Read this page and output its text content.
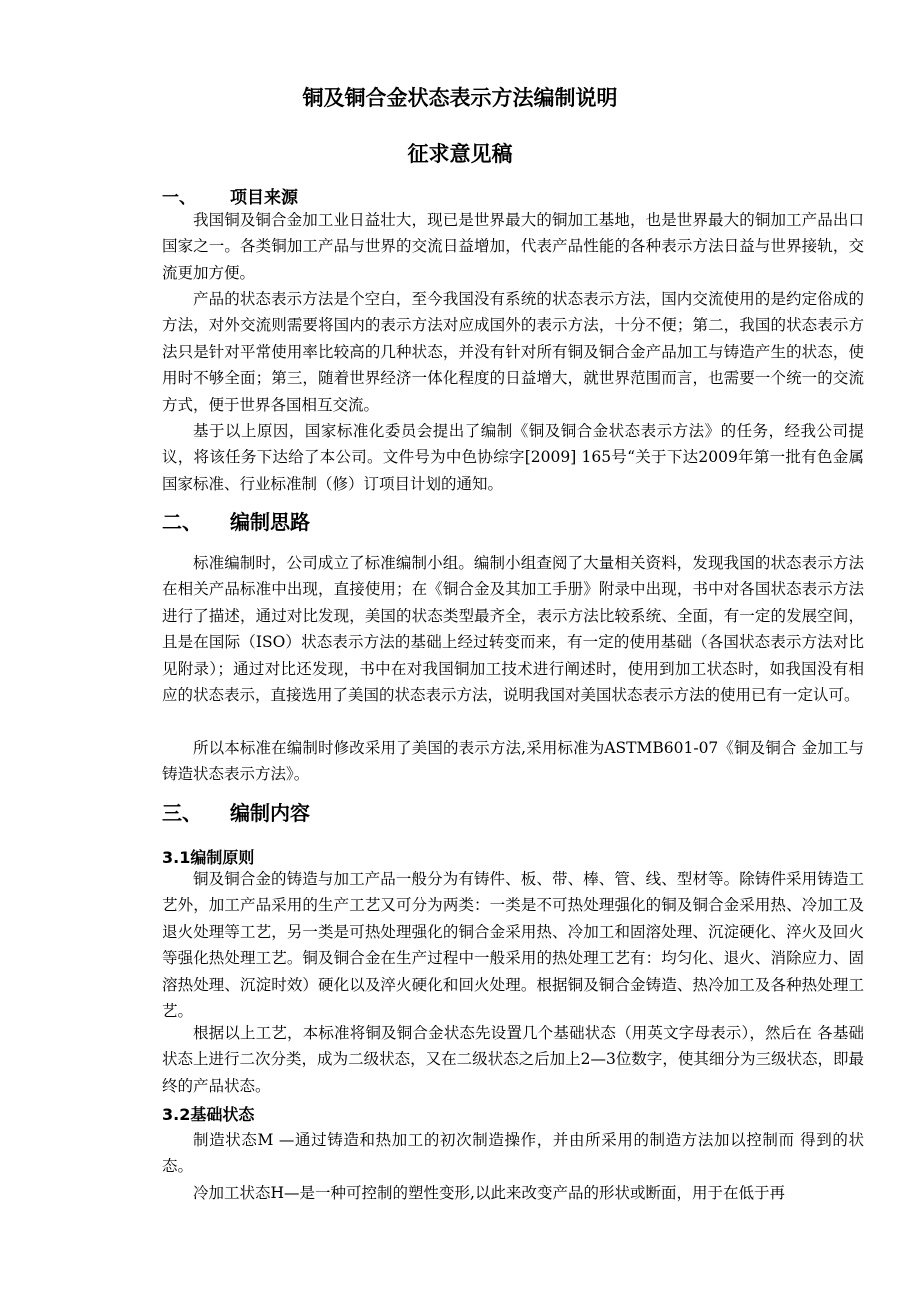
铜及铜合金状态表示方法编制说明
征求意见稿
一、 项目来源

我国铜及铜合金加工业日益壮大，现已是世界最大的铜加工基地，也是世界最大的铜加工产品出口国家之一。各类铜加工产品与世界的交流日益增加，代表产品性能的各种表示方法日益与世界接轨，交流更加方便。

产品的状态表示方法是个空白，至今我国没有系统的状态表示方法，国内交流使用的是约定俗成的方法，对外交流则需要将国内的表示方法对应成国外的表示方法，十分不便；第二，我国的状态表示方法只是针对平常使用率比较高的几种状态，并没有针对所有铜及铜合金产品加工与铸造产生的状态，使用时不够全面；第三，随着世界经济一体化程度的日益增大，就世界范围而言，也需要一个统一的交流方式，便于世界各国相互交流。

基于以上原因，国家标准化委员会提出了编制《铜及铜合金状态表示方法》的任务，经我公司提议，将该任务下达给了本公司。文件号为中色协综字[2009] 165号“关于下达2009年第一批有色金属国家标准、行业标准制（修）订项目计划的通知。

二、 编制思路

标准编制时，公司成立了标准编制小组。编制小组查阅了大量相关资料，发现我国的状态表示方法在相关产品标准中出现，直接使用；在《铜合金及其加工手册》附录中出现，书中对各国状态表示方法进行了描述，通过对比发现，美国的状态类型最齐全，表示方法比较系统、全面，有一定的发展空间，且是在国际（ISO）状态表示方法的基础上经过转变而来，有一定的使用基础（各国状态表示方法对比见附录）；通过对比还发现，书中在对我国铜加工技术进行阐述时，使用到加工状态时，如我国没有相应的状态表示，直接选用了美国的状态表示方法，说明我国对美国状态表示方法的使用已有一定认可。

所以本标准在编制时修改采用了美国的表示方法,采用标准为ASTMB601-07《铜及铜合 金加工与铸造状态表示方法》。

三、 编制内容
3.1编制原则

铜及铜合金的铸造与加工产品一般分为有铸件、板、带、棒、管、线、型材等。除铸件采用铸造工艺外，加工产品采用的生产工艺又可分为两类：一类是不可热处理强化的铜及铜合金采用热、冷加工及退火处理等工艺，另一类是可热处理强化的铜合金采用热、冷加工和固溶处理、沉淀硬化、淬火及回火等强化热处理工艺。铜及铜合金在生产过程中一般采用的热处理工艺有：均匀化、退火、消除应力、固溶热处理、沉淀时效）硬化以及淬火硬化和回火处理。根据铜及铜合金铸造、热冷加工及各种热处理工艺。

根据以上工艺，本标准将铜及铜合金状态先设置几个基础状态（用英文字母表示），然后在 各基础状态上进行二次分类，成为二级状态，又在二级状态之后加上2—3位数字，使其细分为三级状态，即最终的产品状态。

3.2基础状态

制造状态M —通过铸造和热加工的初次制造操作，并由所采用的制造方法加以控制而 得到的状态。

冷加工状态H—是一种可控制的塑性变形,以此来改变产品的形状或断面，用于在低于再
